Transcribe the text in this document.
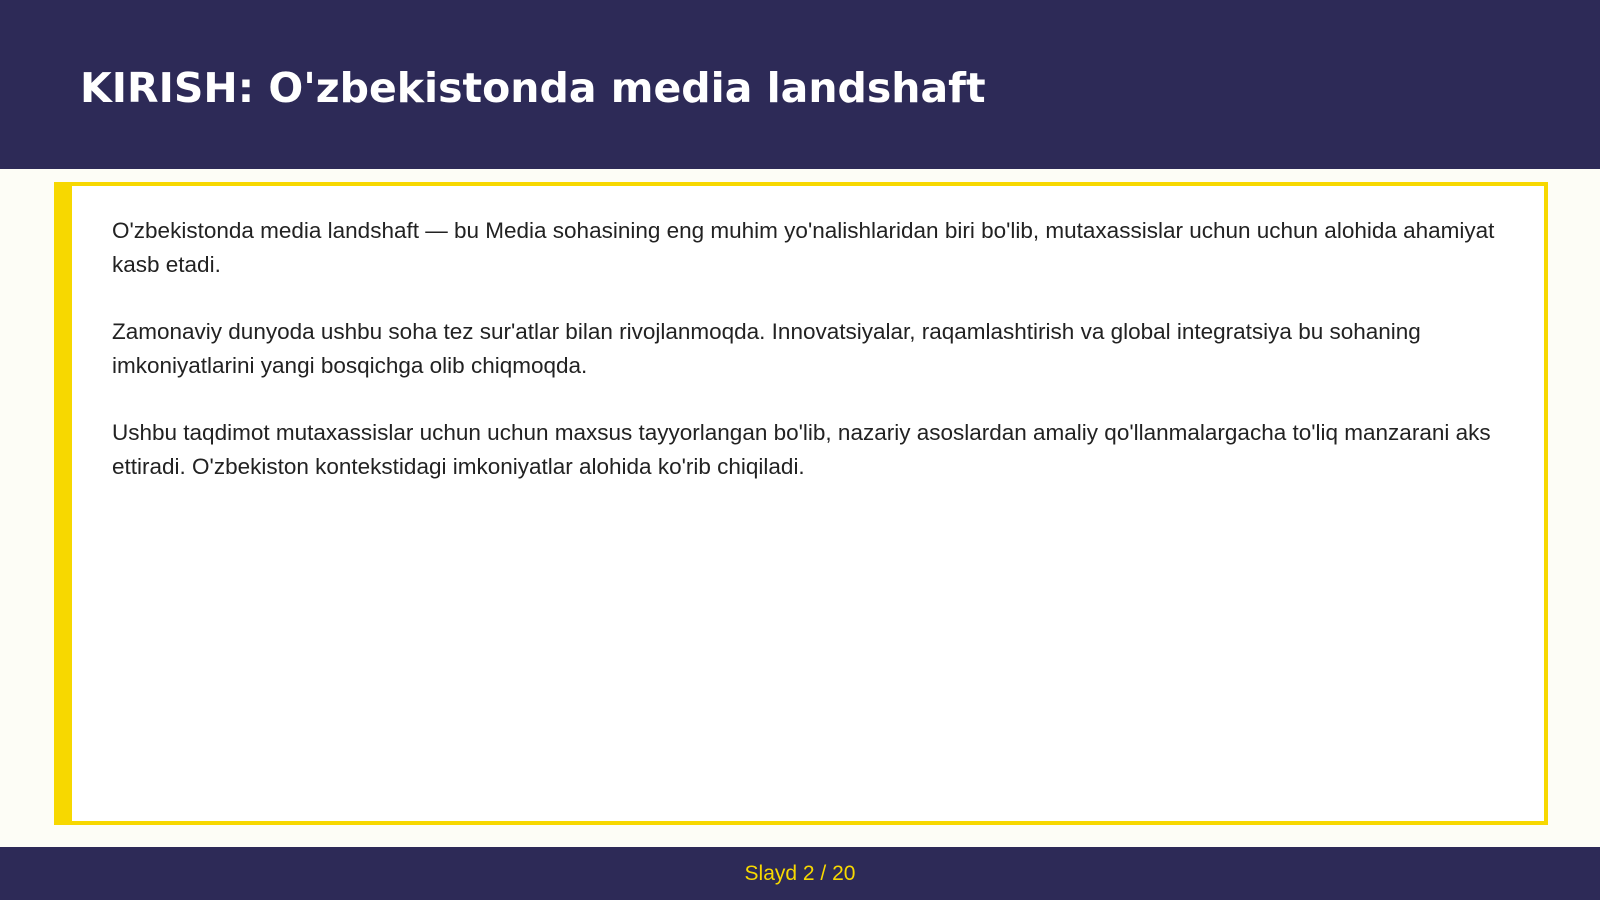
KIRISH: O'zbekistonda media landshaft

O'zbekistonda media landshaft — bu Media sohasining eng muhim yo'nalishlaridan biri bo'lib, mutaxassislar uchun uchun alohida ahamiyat kasb etadi.

Zamonaviy dunyoda ushbu soha tez sur'atlar bilan rivojlanmoqda. Innovatsiyalar, raqamlashtirish va global integratsiya bu sohaning imkoniyatlarini yangi bosqichga olib chiqmoqda.

Ushbu taqdimot mutaxassislar uchun uchun maxsus tayyorlangan bo'lib, nazariy asoslardan amaliy qo'llanmalargacha to'liq manzarani aks ettiradi. O'zbekiston kontekstidagi imkoniyatlar alohida ko'rib chiqiladi.

Slayd 2 / 20
